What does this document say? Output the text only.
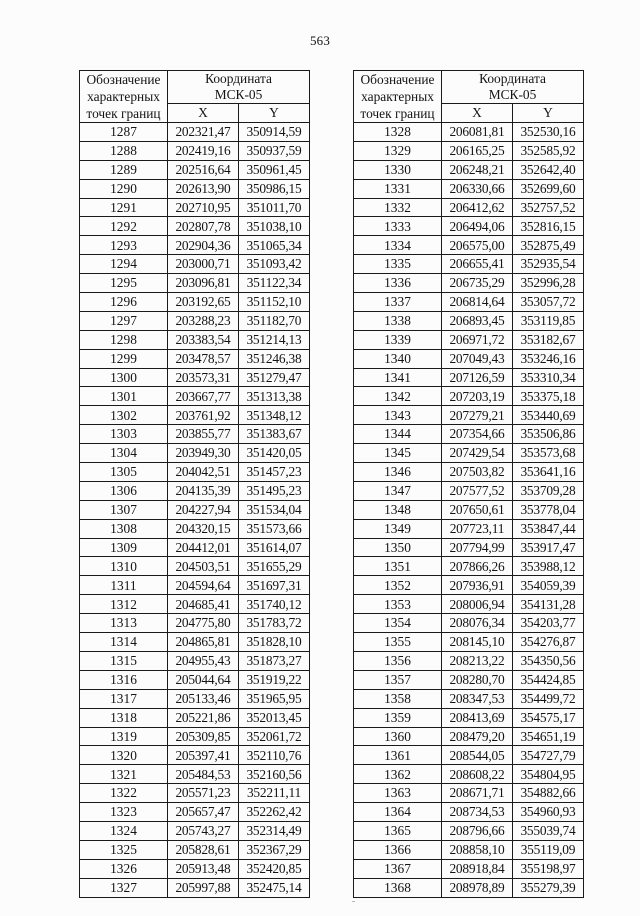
563
Обозначение
характерных
точек границ	Координата
МСК-05	

	X	Y
1287	202321,47	350914,59
1288	202419,16	350937,59
1289	202516,64	350961,45
1290	202613,90	350986,15
1291	202710,95	351011,70
1292	202807,78	351038,10
1293	202904,36	351065,34
1294	203000,71	351093,42
1295	203096,81	351122,34
1296	203192,65	351152,10
1297	203288,23	351182,70
1298	203383,54	351214,13
1299	203478,57	351246,38
1300	203573,31	351279,47
1301	203667,77	351313,38
1302	203761,92	351348,12
1303	203855,77	351383,67
1304	203949,30	351420,05
1305	204042,51	351457,23
1306	204135,39	351495,23
1307	204227,94	351534,04
1308	204320,15	351573,66
1309	204412,01	351614,07
1310	204503,51	351655,29
1311	204594,64	351697,31
1312	204685,41	351740,12
1313	204775,80	351783,72
1314	204865,81	351828,10
1315	204955,43	351873,27
1316	205044,64	351919,22
1317	205133,46	351965,95
1318	205221,86	352013,45
1319	205309,85	352061,72
1320	205397,41	352110,76
1321	205484,53	352160,56
1322	205571,23	352211,11
1323	205657,47	352262,42
1324	205743,27	352314,49
1325	205828,61	352367,29
1326	205913,48	352420,85
1327	205997,88	352475,14
Обозначение
характерных
точек границ	Координата
МСК-05	

	X	Y
1328	206081,81	352530,16
1329	206165,25	352585,92
1330	206248,21	352642,40
1331	206330,66	352699,60
1332	206412,62	352757,52
1333	206494,06	352816,15
1334	206575,00	352875,49
1335	206655,41	352935,54
1336	206735,29	352996,28
1337	206814,64	353057,72
1338	206893,45	353119,85
1339	206971,72	353182,67
1340	207049,43	353246,16
1341	207126,59	353310,34
1342	207203,19	353375,18
1343	207279,21	353440,69
1344	207354,66	353506,86
1345	207429,54	353573,68
1346	207503,82	353641,16
1347	207577,52	353709,28
1348	207650,61	353778,04
1349	207723,11	353847,44
1350	207794,99	353917,47
1351	207866,26	353988,12
1352	207936,91	354059,39
1353	208006,94	354131,28
1354	208076,34	354203,77
1355	208145,10	354276,87
1356	208213,22	354350,56
1357	208280,70	354424,85
1358	208347,53	354499,72
1359	208413,69	354575,17
1360	208479,20	354651,19
1361	208544,05	354727,79
1362	208608,22	354804,95
1363	208671,71	354882,66
1364	208734,53	354960,93
1365	208796,66	355039,74
1366	208858,10	355119,09
1367	208918,84	355198,97
1368	208978,89	355279,39
